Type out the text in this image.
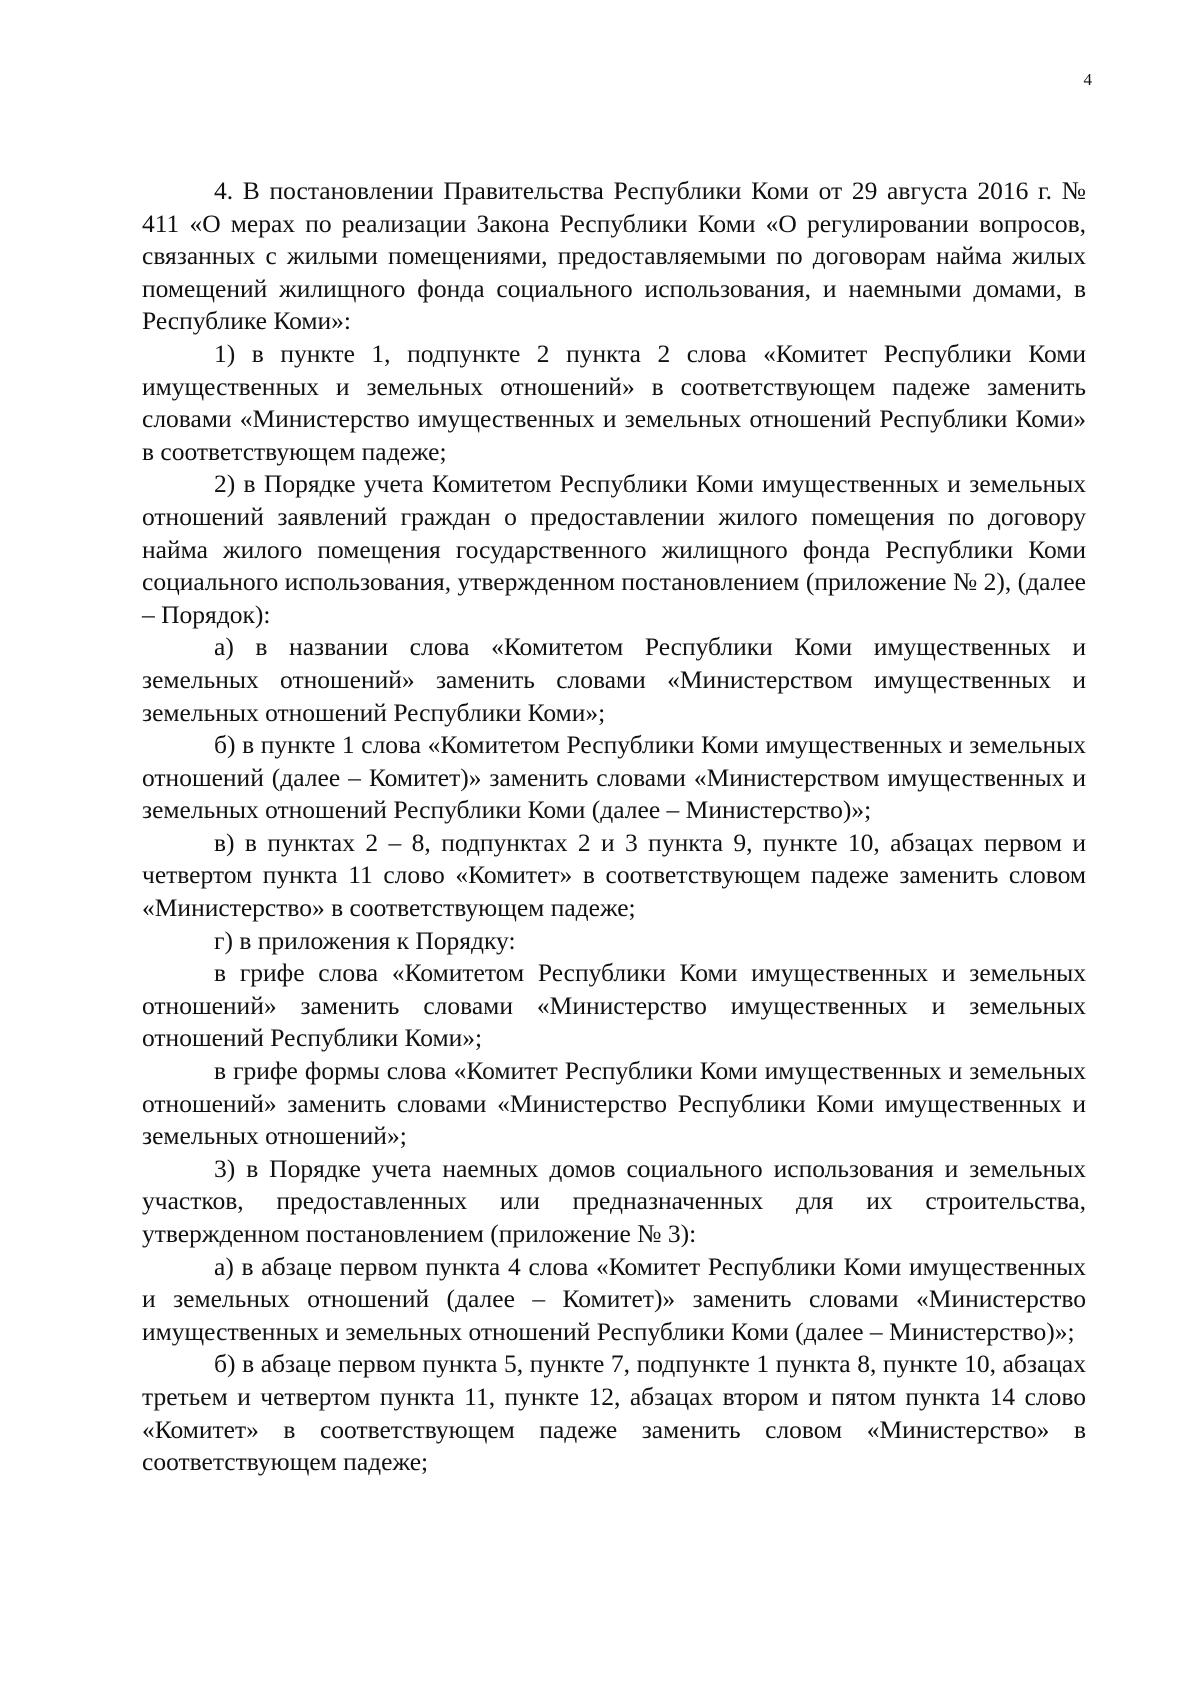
4

4. В постановлении Правительства Республики Коми от 29 августа 2016 г. № 411 «О мерах по реализации Закона Республики Коми «О регулировании вопросов, связанных с жилыми помещениями, предоставляемыми по договорам найма жилых помещений жилищного фонда социального использования, и наемными домами, в Республике Коми»:

1) в пункте 1, подпункте 2 пункта 2 слова «Комитет Республики Коми имущественных и земельных отношений» в соответствующем падеже заменить словами «Министерство имущественных и земельных отношений Республики Коми» в соответствующем падеже;

2) в Порядке учета Комитетом Республики Коми имущественных и земельных отношений заявлений граждан о предоставлении жилого помещения по договору найма жилого помещения государственного жилищного фонда Республики Коми социального использования, утвержденном постановлением (приложение № 2), (далее – Порядок):

а) в названии слова «Комитетом Республики Коми имущественных и земельных отношений» заменить словами «Министерством имущественных и земельных отношений Республики Коми»;

б) в пункте 1 слова «Комитетом Республики Коми имущественных и земельных отношений (далее – Комитет)» заменить словами «Министерством имущественных и земельных отношений Республики Коми (далее – Министерство)»;

в) в пунктах 2 – 8, подпунктах 2 и 3 пункта 9, пункте 10, абзацах первом и четвертом пункта 11 слово «Комитет» в соответствующем падеже заменить словом «Министерство» в соответствующем падеже;

г) в приложения к Порядку:

в грифе слова «Комитетом Республики Коми имущественных и земельных отношений» заменить словами «Министерство имущественных и земельных отношений Республики Коми»;

в грифе формы слова «Комитет Республики Коми имущественных и земельных отношений» заменить словами «Министерство Республики Коми имущественных и земельных отношений»;

3) в Порядке учета наемных домов социального использования и земельных участков, предоставленных или предназначенных для их строительства, утвержденном постановлением (приложение № 3):

а) в абзаце первом пункта 4 слова «Комитет Республики Коми имущественных и земельных отношений (далее – Комитет)» заменить словами «Министерство имущественных и земельных отношений Республики Коми (далее – Министерство)»;

б) в абзаце первом пункта 5, пункте 7, подпункте 1 пункта 8, пункте 10, абзацах третьем и четвертом пункта 11, пункте 12, абзацах втором и пятом пункта 14 слово «Комитет» в соответствующем падеже заменить словом «Министерство» в соответствующем падеже;
